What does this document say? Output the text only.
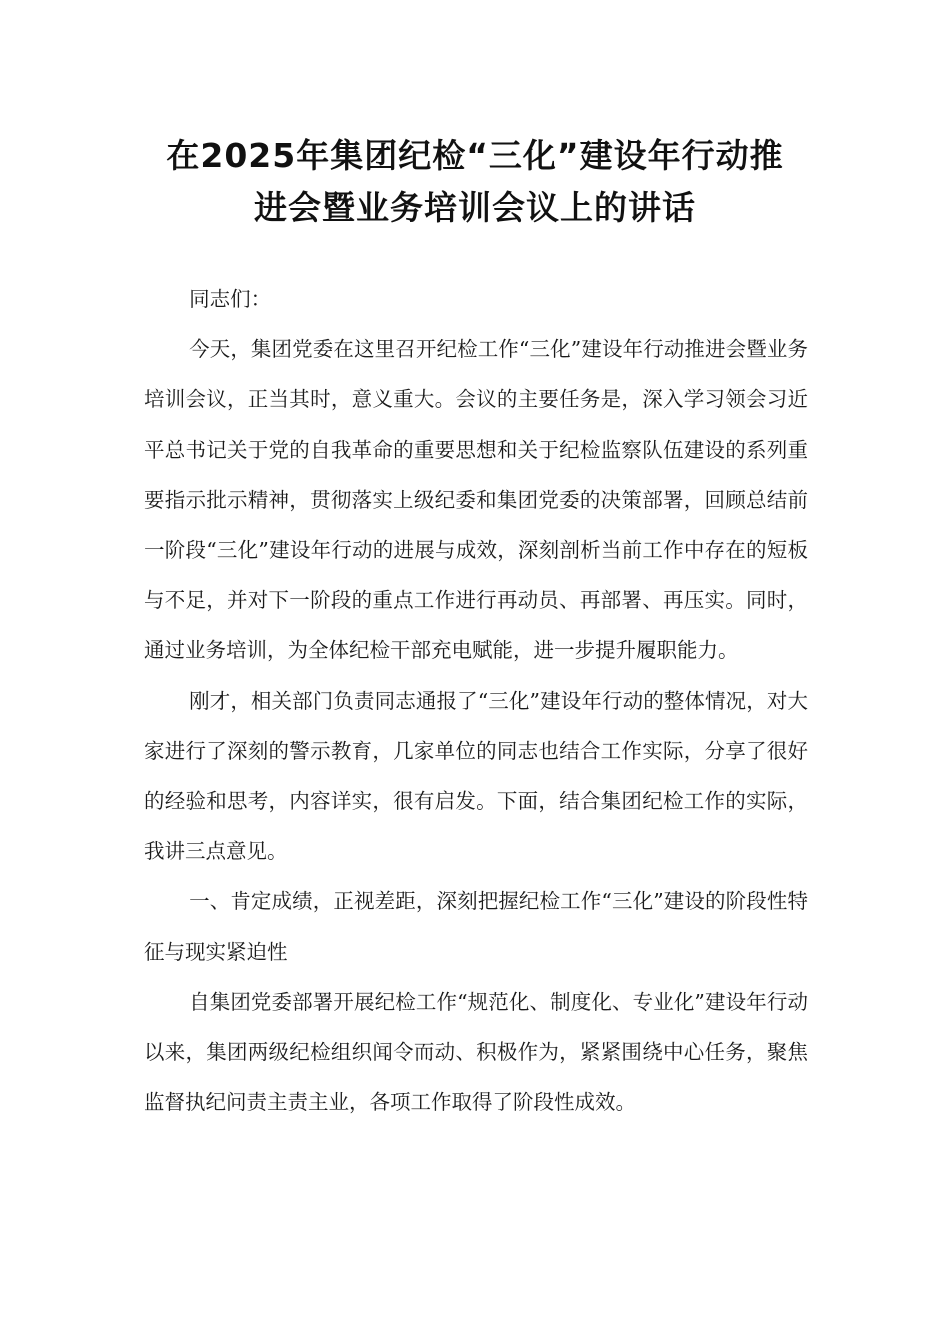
在2025年集团纪检“三化”建设年行动推
进会暨业务培训会议上的讲话

同志们：

今天，集团党委在这里召开纪检工作“三化”建设年行动推进会暨业务培训会议，正当其时，意义重大。会议的主要任务是，深入学习领会习近平总书记关于党的自我革命的重要思想和关于纪检监察队伍建设的系列重要指示批示精神，贯彻落实上级纪委和集团党委的决策部署，回顾总结前一阶段“三化”建设年行动的进展与成效，深刻剖析当前工作中存在的短板与不足，并对下一阶段的重点工作进行再动员、再部署、再压实。同时，通过业务培训，为全体纪检干部充电赋能，进一步提升履职能力。

刚才，相关部门负责同志通报了“三化”建设年行动的整体情况，对大家进行了深刻的警示教育，几家单位的同志也结合工作实际，分享了很好的经验和思考，内容详实，很有启发。下面，结合集团纪检工作的实际，我讲三点意见。

一、肯定成绩，正视差距，深刻把握纪检工作“三化”建设的阶段性特征与现实紧迫性

自集团党委部署开展纪检工作“规范化、制度化、专业化”建设年行动以来，集团两级纪检组织闻令而动、积极作为，紧紧围绕中心任务，聚焦监督执纪问责主责主业，各项工作取得了阶段性成效。
